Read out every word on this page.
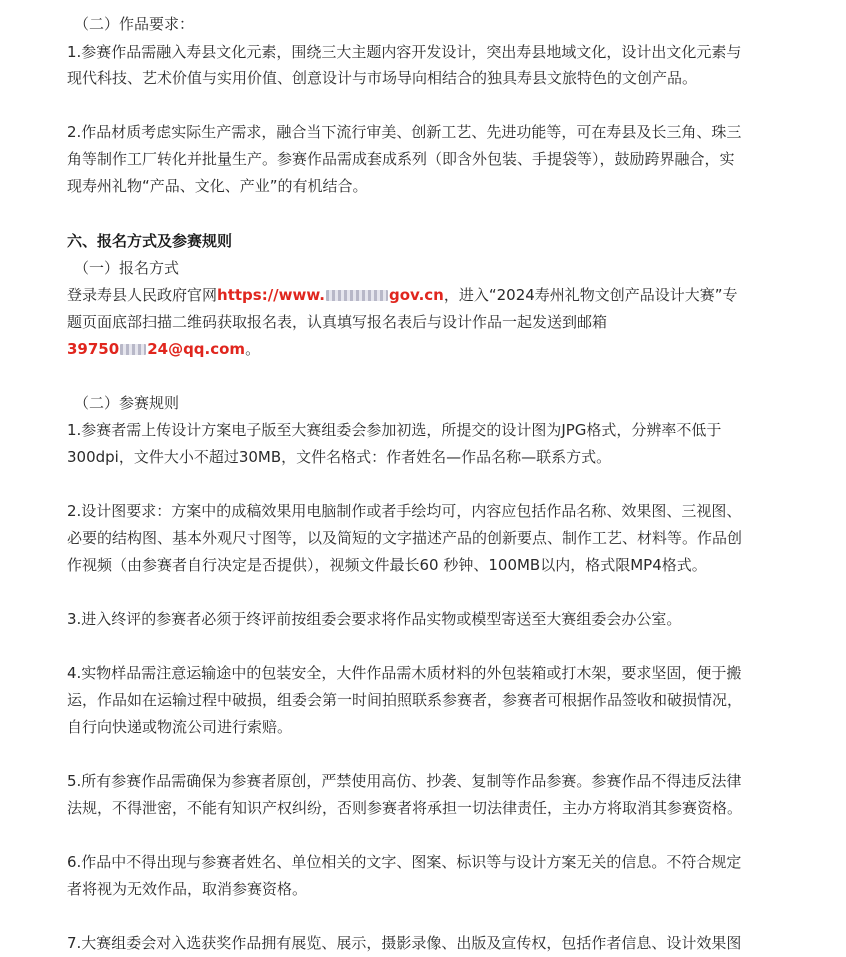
（二）作品要求：
1.参赛作品需融入寿县文化元素，围绕三大主题内容开发设计，突出寿县地域文化，设计出文化元素与
现代科技、艺术价值与实用价值、创意设计与市场导向相结合的独具寿县文旅特色的文创产品。
2.作品材质考虑实际生产需求，融合当下流行审美、创新工艺、先进功能等，可在寿县及长三角、珠三
角等制作工厂转化并批量生产。参赛作品需成套成系列（即含外包装、手提袋等），鼓励跨界融合，实
现寿州礼物“产品、文化、产业”的有机结合。
六、报名方式及参赛规则
（一）报名方式
登录寿县人民政府官网https://www.	gov.cn，进入“2024寿州礼物文创产品设计大赛”专
题页面底部扫描二维码获取报名表，认真填写报名表后与设计作品一起发送到邮箱
39750 24@qq.com。
（二）参赛规则
1.参赛者需上传设计方案电子版至大赛组委会参加初选，所提交的设计图为JPG格式，分辨率不低于
300dpi，文件大小不超过30MB，文件名格式：作者姓名—作品名称—联系方式。
2.设计图要求：方案中的成稿效果用电脑制作或者手绘均可，内容应包括作品名称、效果图、三视图、
必要的结构图、基本外观尺寸图等，以及简短的文字描述产品的创新要点、制作工艺、材料等。作品创
作视频（由参赛者自行决定是否提供），视频文件最长60 秒钟、100MB以内，格式限MP4格式。
3.进入终评的参赛者必须于终评前按组委会要求将作品实物或模型寄送至大赛组委会办公室。
4.实物样品需注意运输途中的包装安全，大件作品需木质材料的外包装箱或打木架，要求坚固，便于搬
运，作品如在运输过程中破损，组委会第一时间拍照联系参赛者，参赛者可根据作品签收和破损情况，
自行向快递或物流公司进行索赔。
5.所有参赛作品需确保为参赛者原创，严禁使用高仿、抄袭、复制等作品参赛。参赛作品不得违反法律
法规，不得泄密，不能有知识产权纠纷，否则参赛者将承担一切法律责任，主办方将取消其参赛资格。
6.作品中不得出现与参赛者姓名、单位相关的文字、图案、标识等与设计方案无关的信息。不符合规定
者将视为无效作品，取消参赛资格。
7.大赛组委会对入选获奖作品拥有展览、展示，摄影录像、出版及宣传权，包括作者信息、设计效果图
